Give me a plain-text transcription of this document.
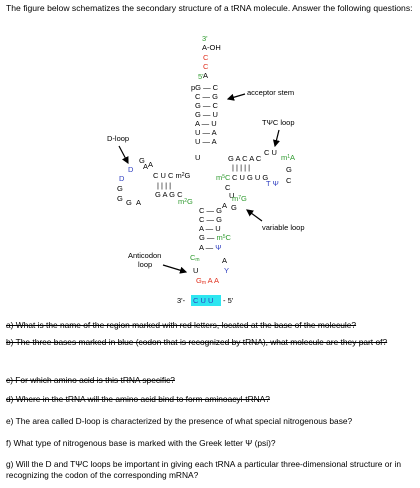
The figure below schematizes the secondary structure of a tRNA molecule. Answer the following questions:
3'
A-OH
C
C
A
5'
pG — C
C — G
G — C
G — U
A — U
U — A
U — A
acceptor stem
D-loop
U
A
G A
C U C $m^2G$
| | | |
G A G C
A
G
G
G
D
D
$m^2G$
TΨC loop
G A C A C
| | | | |
C U G U G
C U
G
C
$m^1A$
$m^5C$
T Ψ
C
U
A G
$m^7G$
C — G
C — G
A — U
G — $m^5C$
A — Ψ
variable loop
Cm	A
U	Y
Gm A A
Anticodon
loop
3'- C U U - 5'
a) What is the name of the region marked with red letters, located at the base of the molecule?
b) The three bases marked in blue (codon that is recognized by tRNA), what molecule are they part of?
c) For which amino acid is this tRNA specific?
d) Where in the tRNA will the amino acid bind to form aminoacyl-tRNA?
e) The area called D-loop is characterized by the presence of what special nitrogenous base?
f) What type of nitrogenous base is marked with the Greek letter Ψ (psi)?
g) Will the D and TΨC loops be important in giving each tRNA a particular three-dimensional structure or in recognizing the codon of the corresponding mRNA?
